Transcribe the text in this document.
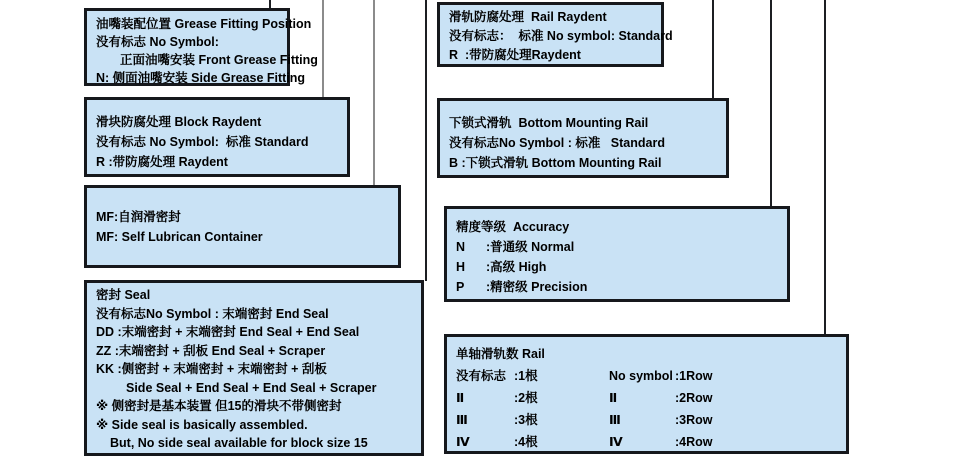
油嘴装配位置 Grease Fitting Position
没有标志 No Symbol:
正面油嘴安装 Front Grease Fitting
N: 侧面油嘴安装 Side Grease Fitting
滑轨防腐处理  Rail Raydent
没有标志：  标准 No symbol: Standard
R  :带防腐处理Raydent
滑块防腐处理 Block Raydent
没有标志 No Symbol:  标准 Standard
R :带防腐处理 Raydent
下锁式滑轨  Bottom Mounting Rail
没有标志No Symbol : 标准   Standard
B :下锁式滑轨 Bottom Mounting Rail
MF:自润滑密封
MF: Self Lubrican Container
精度等级  Accuracy
N	:普通级 Normal
H	:高级 High
P	:精密级 Precision
密封 Seal
没有标志No Symbol : 末端密封 End Seal
DD :末端密封 + 末端密封 End Seal + End Seal
ZZ :末端密封 + 刮板 End Seal + Scraper
KK :侧密封 + 末端密封 + 末端密封 + 刮板
Side Seal + End Seal + End Seal + Scraper
※ 侧密封是基本装置 但15的滑块不带侧密封
※ Side seal is basically assembled.
But, No side seal available for block size 15
单轴滑轨数 Rail
没有标志 :1根	No symbol :1Row
Ⅱ	:2根	Ⅱ	:2Row
Ⅲ	:3根	Ⅲ	:3Row
Ⅳ	:4根	Ⅳ	:4Row
